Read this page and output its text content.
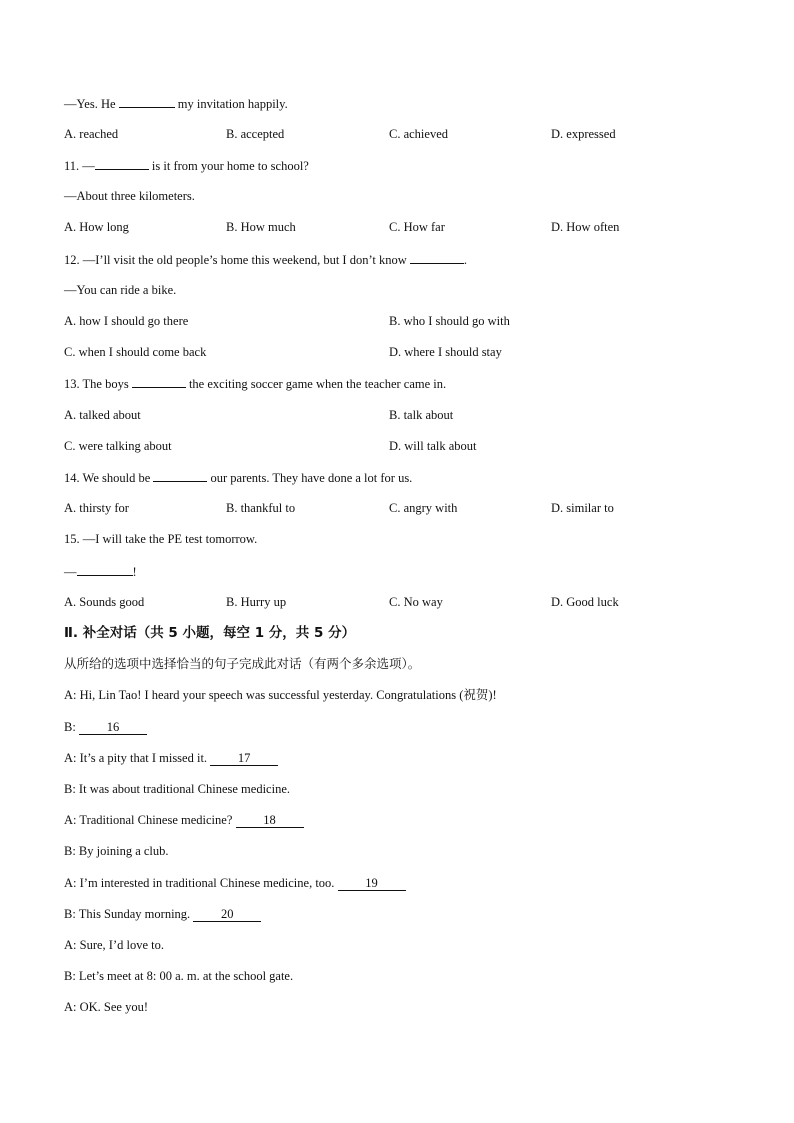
—Yes. He	my invitation happily.
A. reached	B. accepted	C. achieved	D. expressed
11. —	is it from your home to school?
—About three kilometers.
A. How long	B. How much	C. How far	D. How often
12. —I’ll visit the old people’s home this weekend, but I don’t know	.
—You can ride a bike.
A. how I should go there	B. who I should go with
C. when I should come back	D. where I should stay
13. The boys	the exciting soccer game when the teacher came in.
A. talked about	B. talk about
C. were talking about	D. will talk about
14. We should be	our parents. They have done a lot for us.
A. thirsty for	B. thankful to	C. angry with	D. similar to
15. —I will take the PE test tomorrow.
—	!
A. Sounds good	B. Hurry up	C. No way	D. Good luck
Ⅱ. 补全对话（共 5 小题，每空 1 分，共 5 分）
从所给的选项中选择恰当的句子完成此对话（有两个多余选项）。
A: Hi, Lin Tao! I heard your speech was successful yesterday. Congratulations (祝贺)!
B: 16
A: It’s a pity that I missed it. 17
B: It was about traditional Chinese medicine.
A: Traditional Chinese medicine? 18
B: By joining a club.
A: I’m interested in traditional Chinese medicine, too. 19
B: This Sunday morning. 20
A: Sure, I’d love to.
B: Let’s meet at 8: 00 a. m. at the school gate.
A: OK. See you!
